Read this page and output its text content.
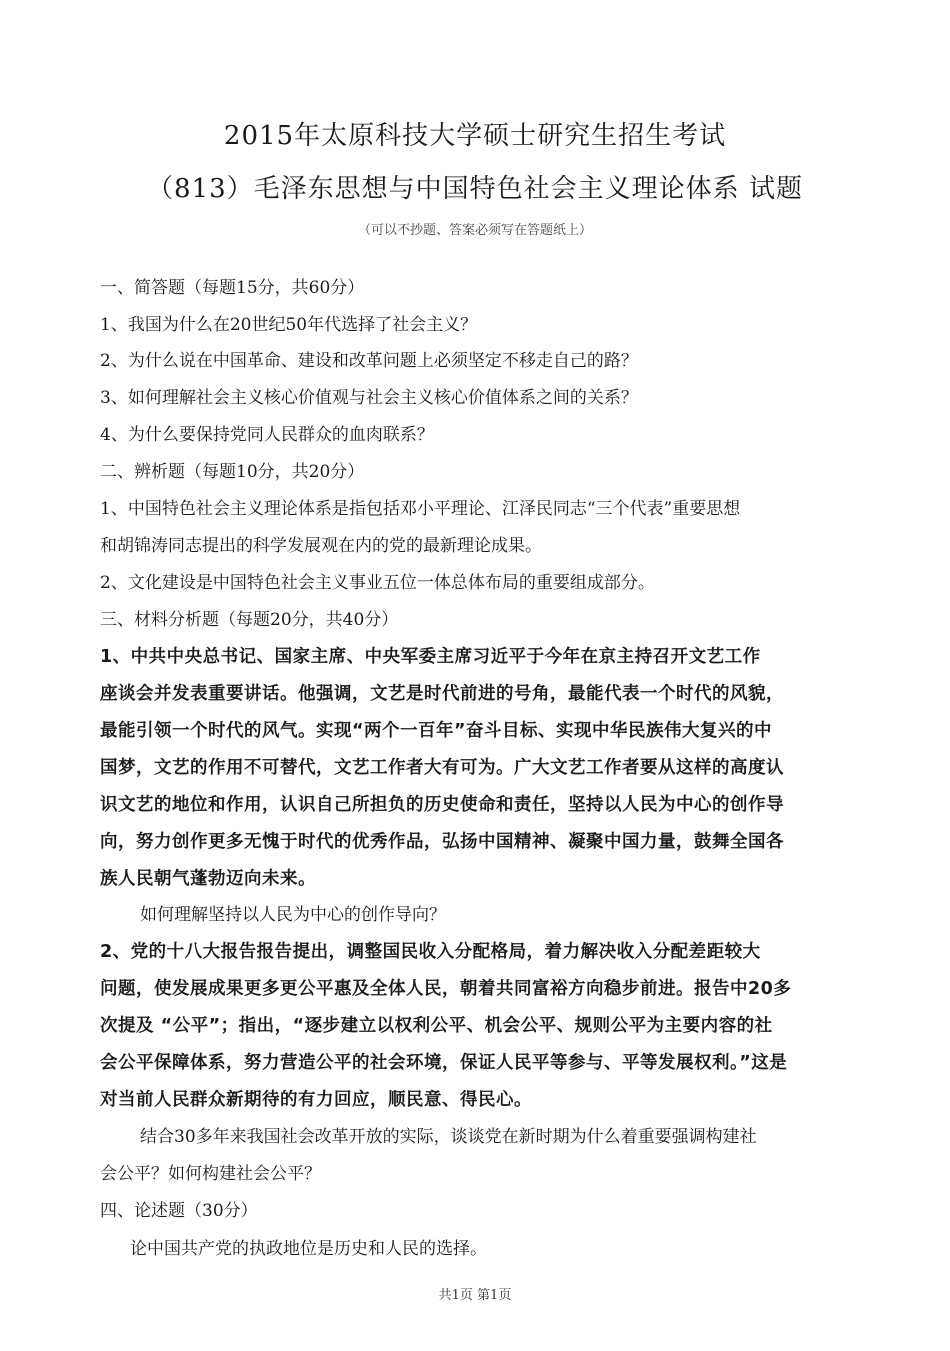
2015年太原科技大学硕士研究生招生考试
（813）毛泽东思想与中国特色社会主义理论体系 试题
（可以不抄题、答案必须写在答题纸上）
一、简答题（每题15分，共60分）
1、我国为什么在20世纪50年代选择了社会主义？
2、为什么说在中国革命、建设和改革问题上必须坚定不移走自己的路？
3、如何理解社会主义核心价值观与社会主义核心价值体系之间的关系？
4、为什么要保持党同人民群众的血肉联系？
二、辨析题（每题10分，共20分）
1、中国特色社会主义理论体系是指包括邓小平理论、江泽民同志“三个代表”重要思想
和胡锦涛同志提出的科学发展观在内的党的最新理论成果。
2、文化建设是中国特色社会主义事业五位一体总体布局的重要组成部分。
三、材料分析题（每题20分，共40分）
1、中共中央总书记、国家主席、中央军委主席习近平于今年在京主持召开文艺工作
座谈会并发表重要讲话。他强调，文艺是时代前进的号角，最能代表一个时代的风貌，
最能引领一个时代的风气。实现“两个一百年”奋斗目标、实现中华民族伟大复兴的中
国梦，文艺的作用不可替代，文艺工作者大有可为。广大文艺工作者要从这样的高度认
识文艺的地位和作用，认识自己所担负的历史使命和责任，坚持以人民为中心的创作导
向，努力创作更多无愧于时代的优秀作品，弘扬中国精神、凝聚中国力量，鼓舞全国各
族人民朝气蓬勃迈向未来。
如何理解坚持以人民为中心的创作导向？
2、党的十八大报告报告提出，调整国民收入分配格局，着力解决收入分配差距较大
问题，使发展成果更多更公平惠及全体人民，朝着共同富裕方向稳步前进。报告中20多
次提及 “公平”；指出，“逐步建立以权利公平、机会公平、规则公平为主要内容的社
会公平保障体系，努力营造公平的社会环境，保证人民平等参与、平等发展权利。”这是
对当前人民群众新期待的有力回应，顺民意、得民心。
结合30多年来我国社会改革开放的实际，谈谈党在新时期为什么着重要强调构建社
会公平？如何构建社会公平？
四、论述题（30分）
论中国共产党的执政地位是历史和人民的选择。
共1页 第1页
